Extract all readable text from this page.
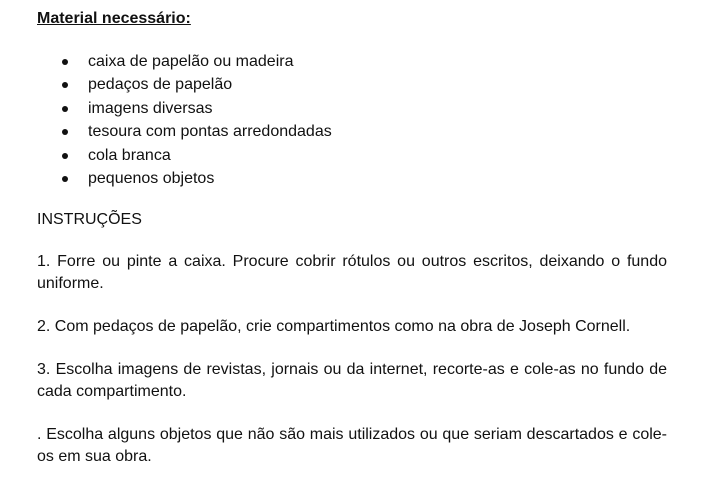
Material necessário:

caixa de papelão ou madeira
pedaços de papelão
imagens diversas
tesoura com pontas arredondadas
cola branca
pequenos objetos

INSTRUÇÕES

1. Forre ou pinte a caixa. Procure cobrir rótulos ou outros escritos, deixando o fundo uniforme.

2. Com pedaços de papelão, crie compartimentos como na obra de Joseph Cornell.

3. Escolha imagens de revistas, jornais ou da internet, recorte-as e cole-as no fundo de cada compartimento.

. Escolha alguns objetos que não são mais utilizados ou que seriam descartados e cole-os em sua obra.
